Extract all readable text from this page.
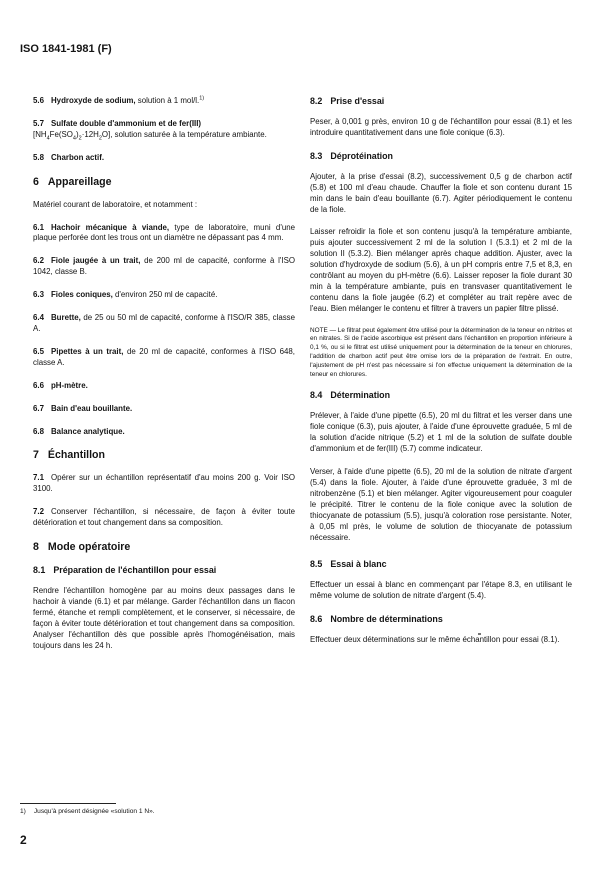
ISO 1841-1981 (F)

5.6 Hydroxyde de sodium, solution à 1 mol/l.$^{1)}$

5.7 Sulfate double d'ammonium et de fer(III)
$[NH_4Fe(SO_4)_2\cdot 12H_2O]$, solution saturée à la température ambiante.

5.8 Charbon actif.

6 Appareillage

Matériel courant de laboratoire, et notamment :

6.1 Hachoir mécanique à viande, type de laboratoire, muni d'une plaque perforée dont les trous ont un diamètre ne dépassant pas 4 mm.

6.2 Fiole jaugée à un trait, de 200 ml de capacité, conforme à l'ISO 1042, classe B.

6.3 Fioles coniques, d'environ 250 ml de capacité.

6.4 Burette, de 25 ou 50 ml de capacité, conforme à l'ISO/R 385, classe A.

6.5 Pipettes à un trait, de 20 ml de capacité, conformes à l'ISO 648, classe A.

6.6 pH-mètre.

6.7 Bain d'eau bouillante.

6.8 Balance analytique.

7 Échantillon

7.1 Opérer sur un échantillon représentatif d'au moins 200 g. Voir ISO 3100.

7.2 Conserver l'échantillon, si nécessaire, de façon à éviter toute détérioration et tout changement dans sa composition.

8 Mode opératoire
8.1 Préparation de l'échantillon pour essai

Rendre l'échantillon homogène par au moins deux passages dans le hachoir à viande (6.1) et par mélange. Garder l'échantillon dans un flacon fermé, étanche et rempli complètement, et le conserver, si nécessaire, de façon à éviter toute détérioration et tout changement dans sa composition. Analyser l'échantillon dès que possible après l'homogénéisation, mais toujours dans les 24 h.

8.2 Prise d'essai

Peser, à 0,001 g près, environ 10 g de l'échantillon pour essai (8.1) et les introduire quantitativement dans une fiole conique (6.3).

8.3 Déprotéination

Ajouter, à la prise d'essai (8.2), successivement 0,5 g de charbon actif (5.8) et 100 ml d'eau chaude. Chauffer la fiole et son contenu durant 15 min dans le bain d'eau bouillante (6.7). Agiter périodiquement le contenu de la fiole.

Laisser refroidir la fiole et son contenu jusqu'à la température ambiante, puis ajouter successivement 2 ml de la solution I (5.3.1) et 2 ml de la solution II (5.3.2). Bien mélanger après chaque addition. Ajuster, avec la solution d'hydroxyde de sodium (5.6), à un pH compris entre 7,5 et 8,3, en contrôlant au moyen du pH-mètre (6.6). Laisser reposer la fiole durant 30 min à la température ambiante, puis en transvaser quantitativement le contenu dans la fiole jaugée (6.2) et compléter au trait repère avec de l'eau. Bien mélanger le contenu et filtrer à travers un papier filtre plissé.

NOTE — Le filtrat peut également être utilisé pour la détermination de la teneur en nitrites et en nitrates. Si de l'acide ascorbique est présent dans l'échantillon en proportion inférieure à 0,1 %, ou si le filtrat est utilisé uniquement pour la détermination de la teneur en chlorures, l'addition de charbon actif peut être omise lors de la préparation de l'extrait. En outre, l'ajustement de pH n'est pas nécessaire si l'on effectue uniquement la détermination de la teneur en chlorures.
8.4 Détermination

Prélever, à l'aide d'une pipette (6.5), 20 ml du filtrat et les verser dans une fiole conique (6.3), puis ajouter, à l'aide d'une éprouvette graduée, 5 ml de la solution d'acide nitrique (5.2) et 1 ml de la solution de sulfate double d'ammonium et de fer(III) (5.7) comme indicateur.

Verser, à l'aide d'une pipette (6.5), 20 ml de la solution de nitrate d'argent (5.4) dans la fiole. Ajouter, à l'aide d'une éprouvette graduée, 3 ml de nitrobenzène (5.1) et bien mélanger. Agiter vigoureusement pour coaguler le précipité. Titrer le contenu de la fiole conique avec la solution de thiocyanate de potassium (5.5), jusqu'à coloration rose persistante. Noter, à 0,05 ml près, le volume de solution de thiocyanate de potassium nécessaire.

8.5 Essai à blanc

Effectuer un essai à blanc en commençant par l'étape 8.3, en utilisant le même volume de solution de nitrate d'argent (5.4).

8.6 Nombre de déterminations

Effectuer deux déterminations sur le même échantillon pour essai (8.1).

1) Jusqu'à présent désignée «solution 1 N».
2
